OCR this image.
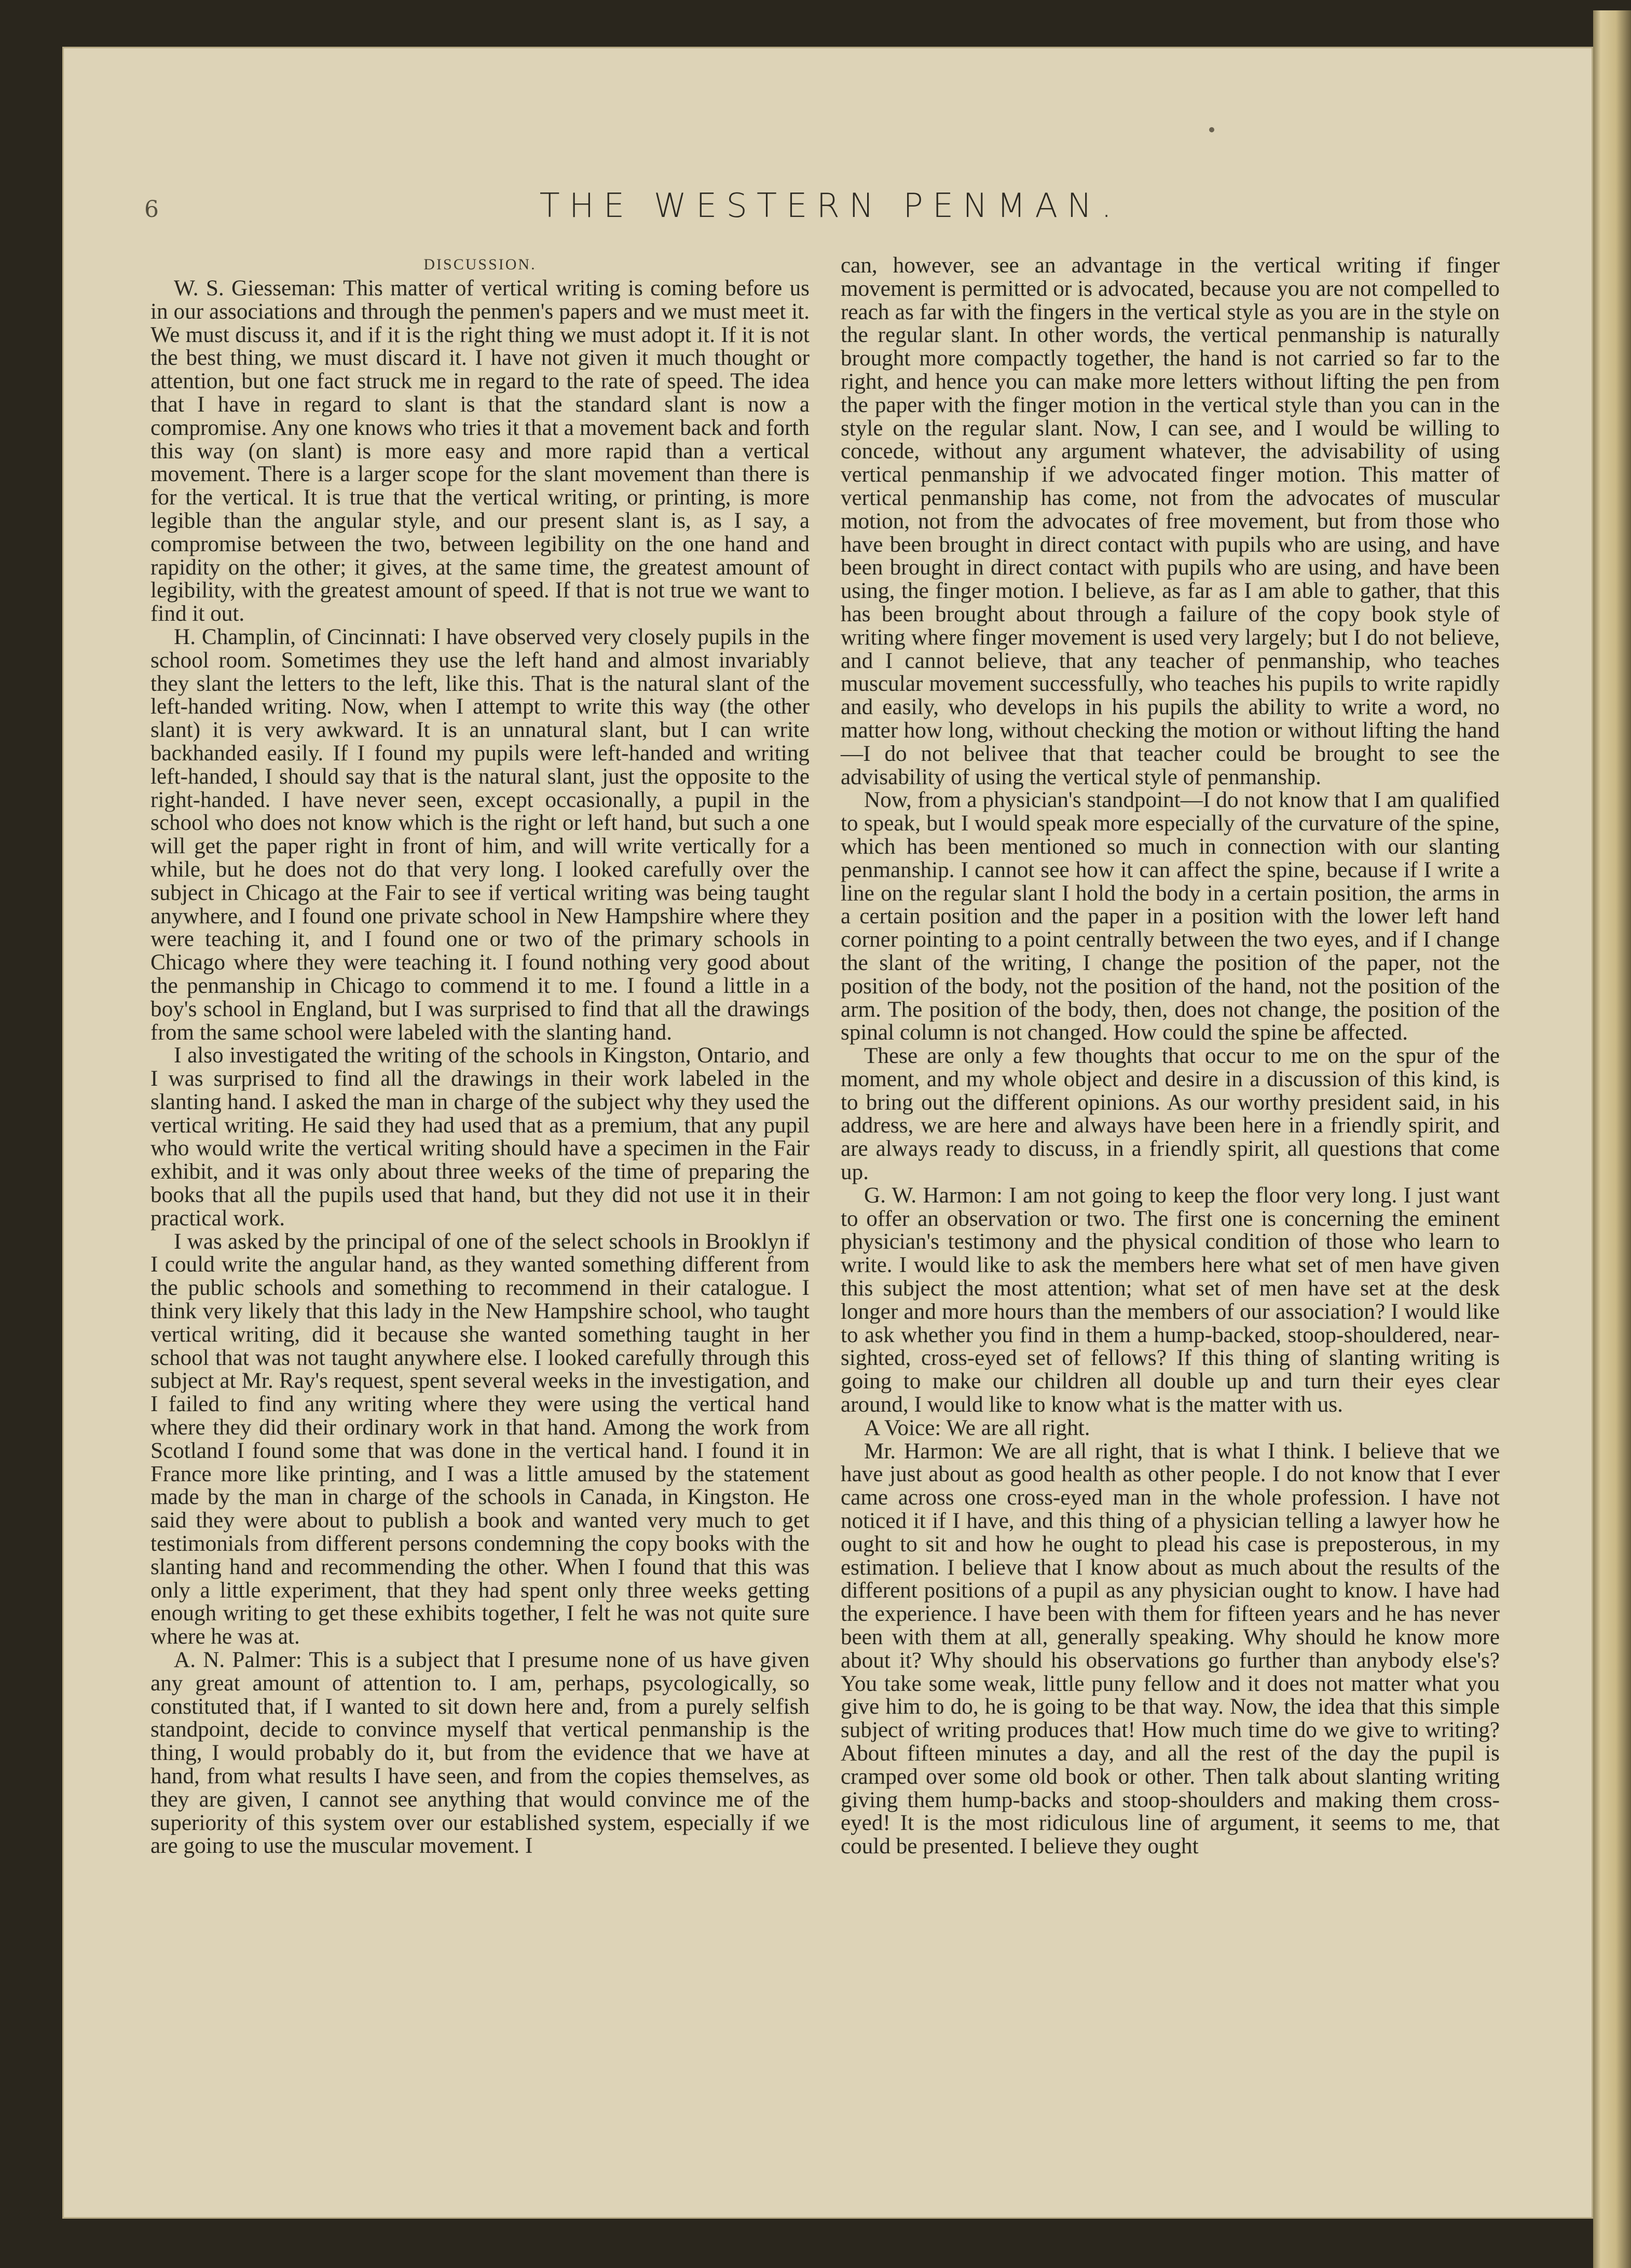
6	THE WESTERN PENMAN.
DISCUSSION.

W. S. Giesseman: This matter of vertical writing is coming before us in our associations and through the penmen's papers and we must meet it. We must discuss it, and if it is the right thing we must adopt it. If it is not the best thing, we must discard it. I have not given it much thought or attention, but one fact struck me in regard to the rate of speed. The idea that I have in regard to slant is that the standard slant is now a compromise. Any one knows who tries it that a movement back and forth this way (on slant) is more easy and more rapid than a vertical movement. There is a larger scope for the slant movement than there is for the vertical. It is true that the vertical writing, or printing, is more legible than the angular style, and our present slant is, as I say, a compromise between the two, between legibility on the one hand and rapidity on the other; it gives, at the same time, the greatest amount of legibility, with the greatest amount of speed. If that is not true we want to find it out.

H. Champlin, of Cincinnati: I have observed very closely pupils in the school room. Sometimes they use the left hand and almost invariably they slant the letters to the left, like this. That is the natural slant of the left-handed writing. Now, when I attempt to write this way (the other slant) it is very awkward. It is an unnatural slant, but I can write backhanded easily. If I found my pupils were left-handed and writing left-handed, I should say that is the natural slant, just the opposite to the right-handed. I have never seen, except occasionally, a pupil in the school who does not know which is the right or left hand, but such a one will get the paper right in front of him, and will write vertically for a while, but he does not do that very long. I looked carefully over the subject in Chicago at the Fair to see if vertical writing was being taught anywhere, and I found one private school in New Hampshire where they were teaching it, and I found one or two of the primary schools in Chicago where they were teaching it. I found nothing very good about the penmanship in Chicago to commend it to me. I found a little in a boy's school in England, but I was surprised to find that all the drawings from the same school were labeled with the slanting hand.

I also investigated the writing of the schools in Kingston, Ontario, and I was surprised to find all the drawings in their work labeled in the slanting hand. I asked the man in charge of the subject why they used the vertical writing. He said they had used that as a premium, that any pupil who would write the vertical writing should have a specimen in the Fair exhibit, and it was only about three weeks of the time of preparing the books that all the pupils used that hand, but they did not use it in their practical work.

I was asked by the principal of one of the select schools in Brooklyn if I could write the angular hand, as they wanted something different from the public schools and something to recommend in their catalogue. I think very likely that this lady in the New Hampshire school, who taught vertical writing, did it because she wanted something taught in her school that was not taught anywhere else. I looked carefully through this subject at Mr. Ray's request, spent several weeks in the investigation, and I failed to find any writing where they were using the vertical hand where they did their ordinary work in that hand. Among the work from Scotland I found some that was done in the vertical hand. I found it in France more like printing, and I was a little amused by the statement made by the man in charge of the schools in Canada, in Kingston. He said they were about to publish a book and wanted very much to get testimonials from different persons condemning the copy books with the slanting hand and recommending the other. When I found that this was only a little experiment, that they had spent only three weeks getting enough writing to get these exhibits together, I felt he was not quite sure where he was at.

A. N. Palmer: This is a subject that I presume none of us have given any great amount of attention to. I am, perhaps, psycologically, so constituted that, if I wanted to sit down here and, from a purely selfish standpoint, decide to convince myself that vertical penmanship is the thing, I would probably do it, but from the evidence that we have at hand, from what results I have seen, and from the copies themselves, as they are given, I cannot see anything that would convince me of the superiority of this system over our established system, especially if we are going to use the muscular movement. I

can, however, see an advantage in the vertical writing if finger movement is permitted or is advocated, because you are not compelled to reach as far with the fingers in the vertical style as you are in the style on the regular slant. In other words, the vertical penmanship is naturally brought more compactly together, the hand is not carried so far to the right, and hence you can make more letters without lifting the pen from the paper with the finger motion in the vertical style than you can in the style on the regular slant. Now, I can see, and I would be willing to concede, without any argument whatever, the advisability of using vertical penmanship if we advocated finger motion. This matter of vertical penmanship has come, not from the advocates of muscular motion, not from the advocates of free movement, but from those who have been brought in direct contact with pupils who are using, and have been brought in direct contact with pupils who are using, and have been using, the finger motion. I believe, as far as I am able to gather, that this has been brought about through a failure of the copy book style of writing where finger movement is used very largely; but I do not believe, and I cannot believe, that any teacher of penmanship, who teaches muscular movement successfully, who teaches his pupils to write rapidly and easily, who develops in his pupils the ability to write a word, no matter how long, without checking the motion or without lifting the hand—I do not belivee that that teacher could be brought to see the advisability of using the vertical style of penmanship.

Now, from a physician's standpoint—I do not know that I am qualified to speak, but I would speak more especially of the curvature of the spine, which has been mentioned so much in connection with our slanting penmanship. I cannot see how it can affect the spine, because if I write a line on the regular slant I hold the body in a certain position, the arms in a certain position and the paper in a position with the lower left hand corner pointing to a point centrally between the two eyes, and if I change the slant of the writing, I change the position of the paper, not the position of the body, not the position of the hand, not the position of the arm. The position of the body, then, does not change, the position of the spinal column is not changed. How could the spine be affected.

These are only a few thoughts that occur to me on the spur of the moment, and my whole object and desire in a discussion of this kind, is to bring out the different opinions. As our worthy president said, in his address, we are here and always have been here in a friendly spirit, and are always ready to discuss, in a friendly spirit, all questions that come up.

G. W. Harmon: I am not going to keep the floor very long. I just want to offer an observation or two. The first one is concerning the eminent physician's testimony and the physical condition of those who learn to write. I would like to ask the members here what set of men have given this subject the most attention; what set of men have set at the desk longer and more hours than the members of our association? I would like to ask whether you find in them a hump-backed, stoop-shouldered, near-sighted, cross-eyed set of fellows? If this thing of slanting writing is going to make our children all double up and turn their eyes clear around, I would like to know what is the matter with us.

A Voice: We are all right.

Mr. Harmon: We are all right, that is what I think. I believe that we have just about as good health as other people. I do not know that I ever came across one cross-eyed man in the whole profession. I have not noticed it if I have, and this thing of a physician telling a lawyer how he ought to sit and how he ought to plead his case is preposterous, in my estimation. I believe that I know about as much about the results of the different positions of a pupil as any physician ought to know. I have had the experience. I have been with them for fifteen years and he has never been with them at all, generally speaking. Why should he know more about it? Why should his observations go further than anybody else's? You take some weak, little puny fellow and it does not matter what you give him to do, he is going to be that way. Now, the idea that this simple subject of writing produces that! How much time do we give to writing? About fifteen minutes a day, and all the rest of the day the pupil is cramped over some old book or other. Then talk about slanting writing giving them hump-backs and stoop-shoulders and making them cross-eyed! It is the most ridiculous line of argument, it seems to me, that could be presented. I believe they ought
